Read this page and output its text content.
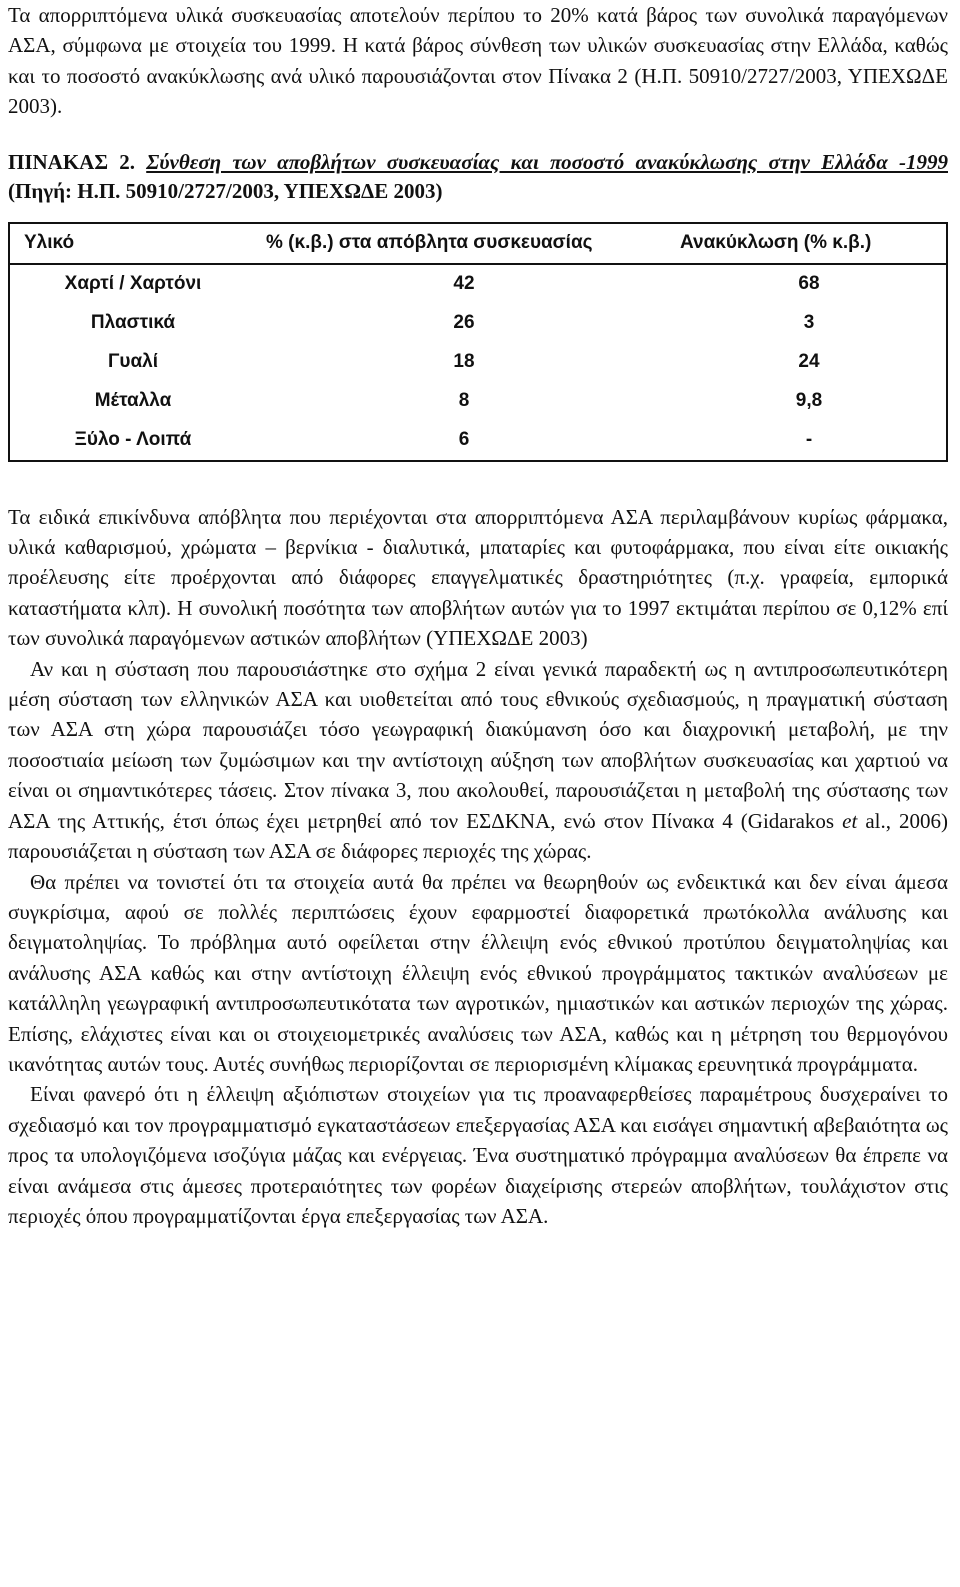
Τα απορριπτόμενα υλικά συσκευασίας αποτελούν περίπου το 20% κατά βάρος των συνολικά παραγόμενων ΑΣΑ, σύμφωνα με στοιχεία του 1999. Η κατά βάρος σύνθεση των υλικών συσκευασίας στην Ελλάδα, καθώς και το ποσοστό ανακύκλωσης ανά υλικό παρουσιάζονται στον Πίνακα 2 (Η.Π. 50910/2727/2003, ΥΠΕΧΩΔΕ 2003).

ΠΙΝΑΚΑΣ 2. Σύνθεση των αποβλήτων συσκευασίας και ποσοστό ανακύκλωσης στην Ελλάδα -1999 (Πηγή: Η.Π. 50910/2727/2003, ΥΠΕΧΩΔΕ 2003)

Υλικό	% (κ.β.) στα απόβλητα συσκευασίας	Ανακύκλωση (% κ.β.)
Χαρτί / Χαρτόνι	42	68
Πλαστικά	26	3
Γυαλί	18	24
Μέταλλα	8	9,8
Ξύλο - Λοιπά	6	-

Τα ειδικά επικίνδυνα απόβλητα που περιέχονται στα απορριπτόμενα ΑΣΑ περιλαμβάνουν κυρίως φάρμακα, υλικά καθαρισμού, χρώματα – βερνίκια - διαλυτικά, μπαταρίες και φυτοφάρμακα, που είναι είτε οικιακής προέλευσης είτε προέρχονται από διάφορες επαγγελματικές δραστηριότητες (π.χ. γραφεία, εμπορικά καταστήματα κλπ). Η συνολική ποσότητα των αποβλήτων αυτών για το 1997 εκτιμάται περίπου σε 0,12% επί των συνολικά παραγόμενων αστικών αποβλήτων (ΥΠΕΧΩΔΕ 2003)

Αν και η σύσταση που παρουσιάστηκε στο σχήμα 2 είναι γενικά παραδεκτή ως η αντιπροσωπευτικότερη μέση σύσταση των ελληνικών ΑΣΑ και υιοθετείται από τους εθνικούς σχεδιασμούς, η πραγματική σύσταση των ΑΣΑ στη χώρα παρουσιάζει τόσο γεωγραφική διακύμανση όσο και διαχρονική μεταβολή, με την ποσοστιαία μείωση των ζυμώσιμων και την αντίστοιχη αύξηση των αποβλήτων συσκευασίας και χαρτιού να είναι οι σημαντικότερες τάσεις. Στον πίνακα 3, που ακολουθεί, παρουσιάζεται η μεταβολή της σύστασης των ΑΣΑ της Αττικής, έτσι όπως έχει μετρηθεί από τον ΕΣΔΚΝΑ, ενώ στον Πίνακα 4 (Gidarakos et al., 2006) παρουσιάζεται η σύσταση των ΑΣΑ σε διάφορες περιοχές της χώρας.

Θα πρέπει να τονιστεί ότι τα στοιχεία αυτά θα πρέπει να θεωρηθούν ως ενδεικτικά και δεν είναι άμεσα συγκρίσιμα, αφού σε πολλές περιπτώσεις έχουν εφαρμοστεί διαφορετικά πρωτόκολλα ανάλυσης και δειγματοληψίας. Το πρόβλημα αυτό οφείλεται στην έλλειψη ενός εθνικού προτύπου δειγματοληψίας και ανάλυσης ΑΣΑ καθώς και στην αντίστοιχη έλλειψη ενός εθνικού προγράμματος τακτικών αναλύσεων με κατάλληλη γεωγραφική αντιπροσωπευτικότατα των αγροτικών, ημιαστικών και αστικών περιοχών της χώρας. Επίσης, ελάχιστες είναι και οι στοιχειομετρικές αναλύσεις των ΑΣΑ, καθώς και η μέτρηση του θερμογόνου ικανότητας αυτών τους. Αυτές συνήθως περιορίζονται σε περιορισμένη κλίμακας ερευνητικά προγράμματα.

Είναι φανερό ότι η έλλειψη αξιόπιστων στοιχείων για τις προαναφερθείσες παραμέτρους δυσχεραίνει το σχεδιασμό και τον προγραμματισμό εγκαταστάσεων επεξεργασίας ΑΣΑ και εισάγει σημαντική αβεβαιότητα ως προς τα υπολογιζόμενα ισοζύγια μάζας και ενέργειας. Ένα συστηματικό πρόγραμμα αναλύσεων θα έπρεπε να είναι ανάμεσα στις άμεσες προτεραιότητες των φορέων διαχείρισης στερεών αποβλήτων, τουλάχιστον στις περιοχές όπου προγραμματίζονται έργα επεξεργασίας των ΑΣΑ.
